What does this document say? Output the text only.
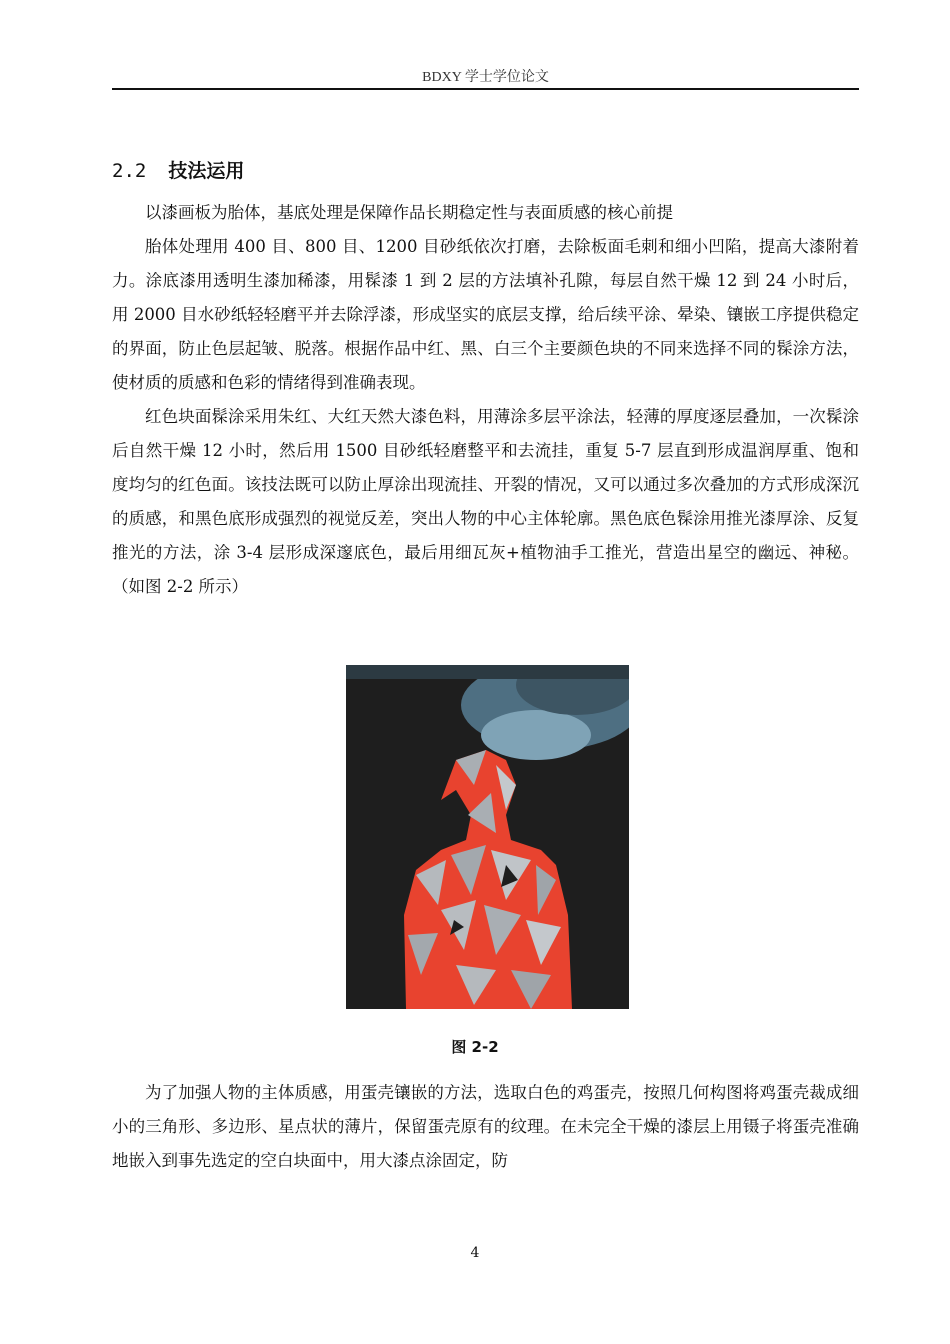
BDXY 学士学位论文
2.2 技法运用

以漆画板为胎体，基底处理是保障作品长期稳定性与表面质感的核心前提

胎体处理用 400 目、800 目、1200 目砂纸依次打磨，去除板面毛刺和细小凹陷，提高大漆附着力。涂底漆用透明生漆加稀漆，用髹漆 1 到 2 层的方法填补孔隙，每层自然干燥 12 到 24 小时后，用 2000 目水砂纸轻轻磨平并去除浮漆，形成坚实的底层支撑，给后续平涂、晕染、镶嵌工序提供稳定的界面，防止色层起皱、脱落。根据作品中红、黑、白三个主要颜色块的不同来选择不同的髹涂方法，使材质的质感和色彩的情绪得到准确表现。

红色块面髹涂采用朱红、大红天然大漆色料，用薄涂多层平涂法，轻薄的厚度逐层叠加，一次髹涂后自然干燥 12 小时，然后用 1500 目砂纸轻磨整平和去流挂，重复 5-7 层直到形成温润厚重、饱和度均匀的红色面。该技法既可以防止厚涂出现流挂、开裂的情况，又可以通过多次叠加的方式形成深沉的质感，和黑色底形成强烈的视觉反差，突出人物的中心主体轮廓。黑色底色髹涂用推光漆厚涂、反复推光的方法，涂 3-4 层形成深邃底色，最后用细瓦灰+植物油手工推光，营造出星空的幽远、神秘。（如图 2-2 所示）

图 2-2

为了加强人物的主体质感，用蛋壳镶嵌的方法，选取白色的鸡蛋壳，按照几何构图将鸡蛋壳裁成细小的三角形、多边形、星点状的薄片，保留蛋壳原有的纹理。在未完全干燥的漆层上用镊子将蛋壳准确地嵌入到事先选定的空白块面中，用大漆点涂固定，防

4
